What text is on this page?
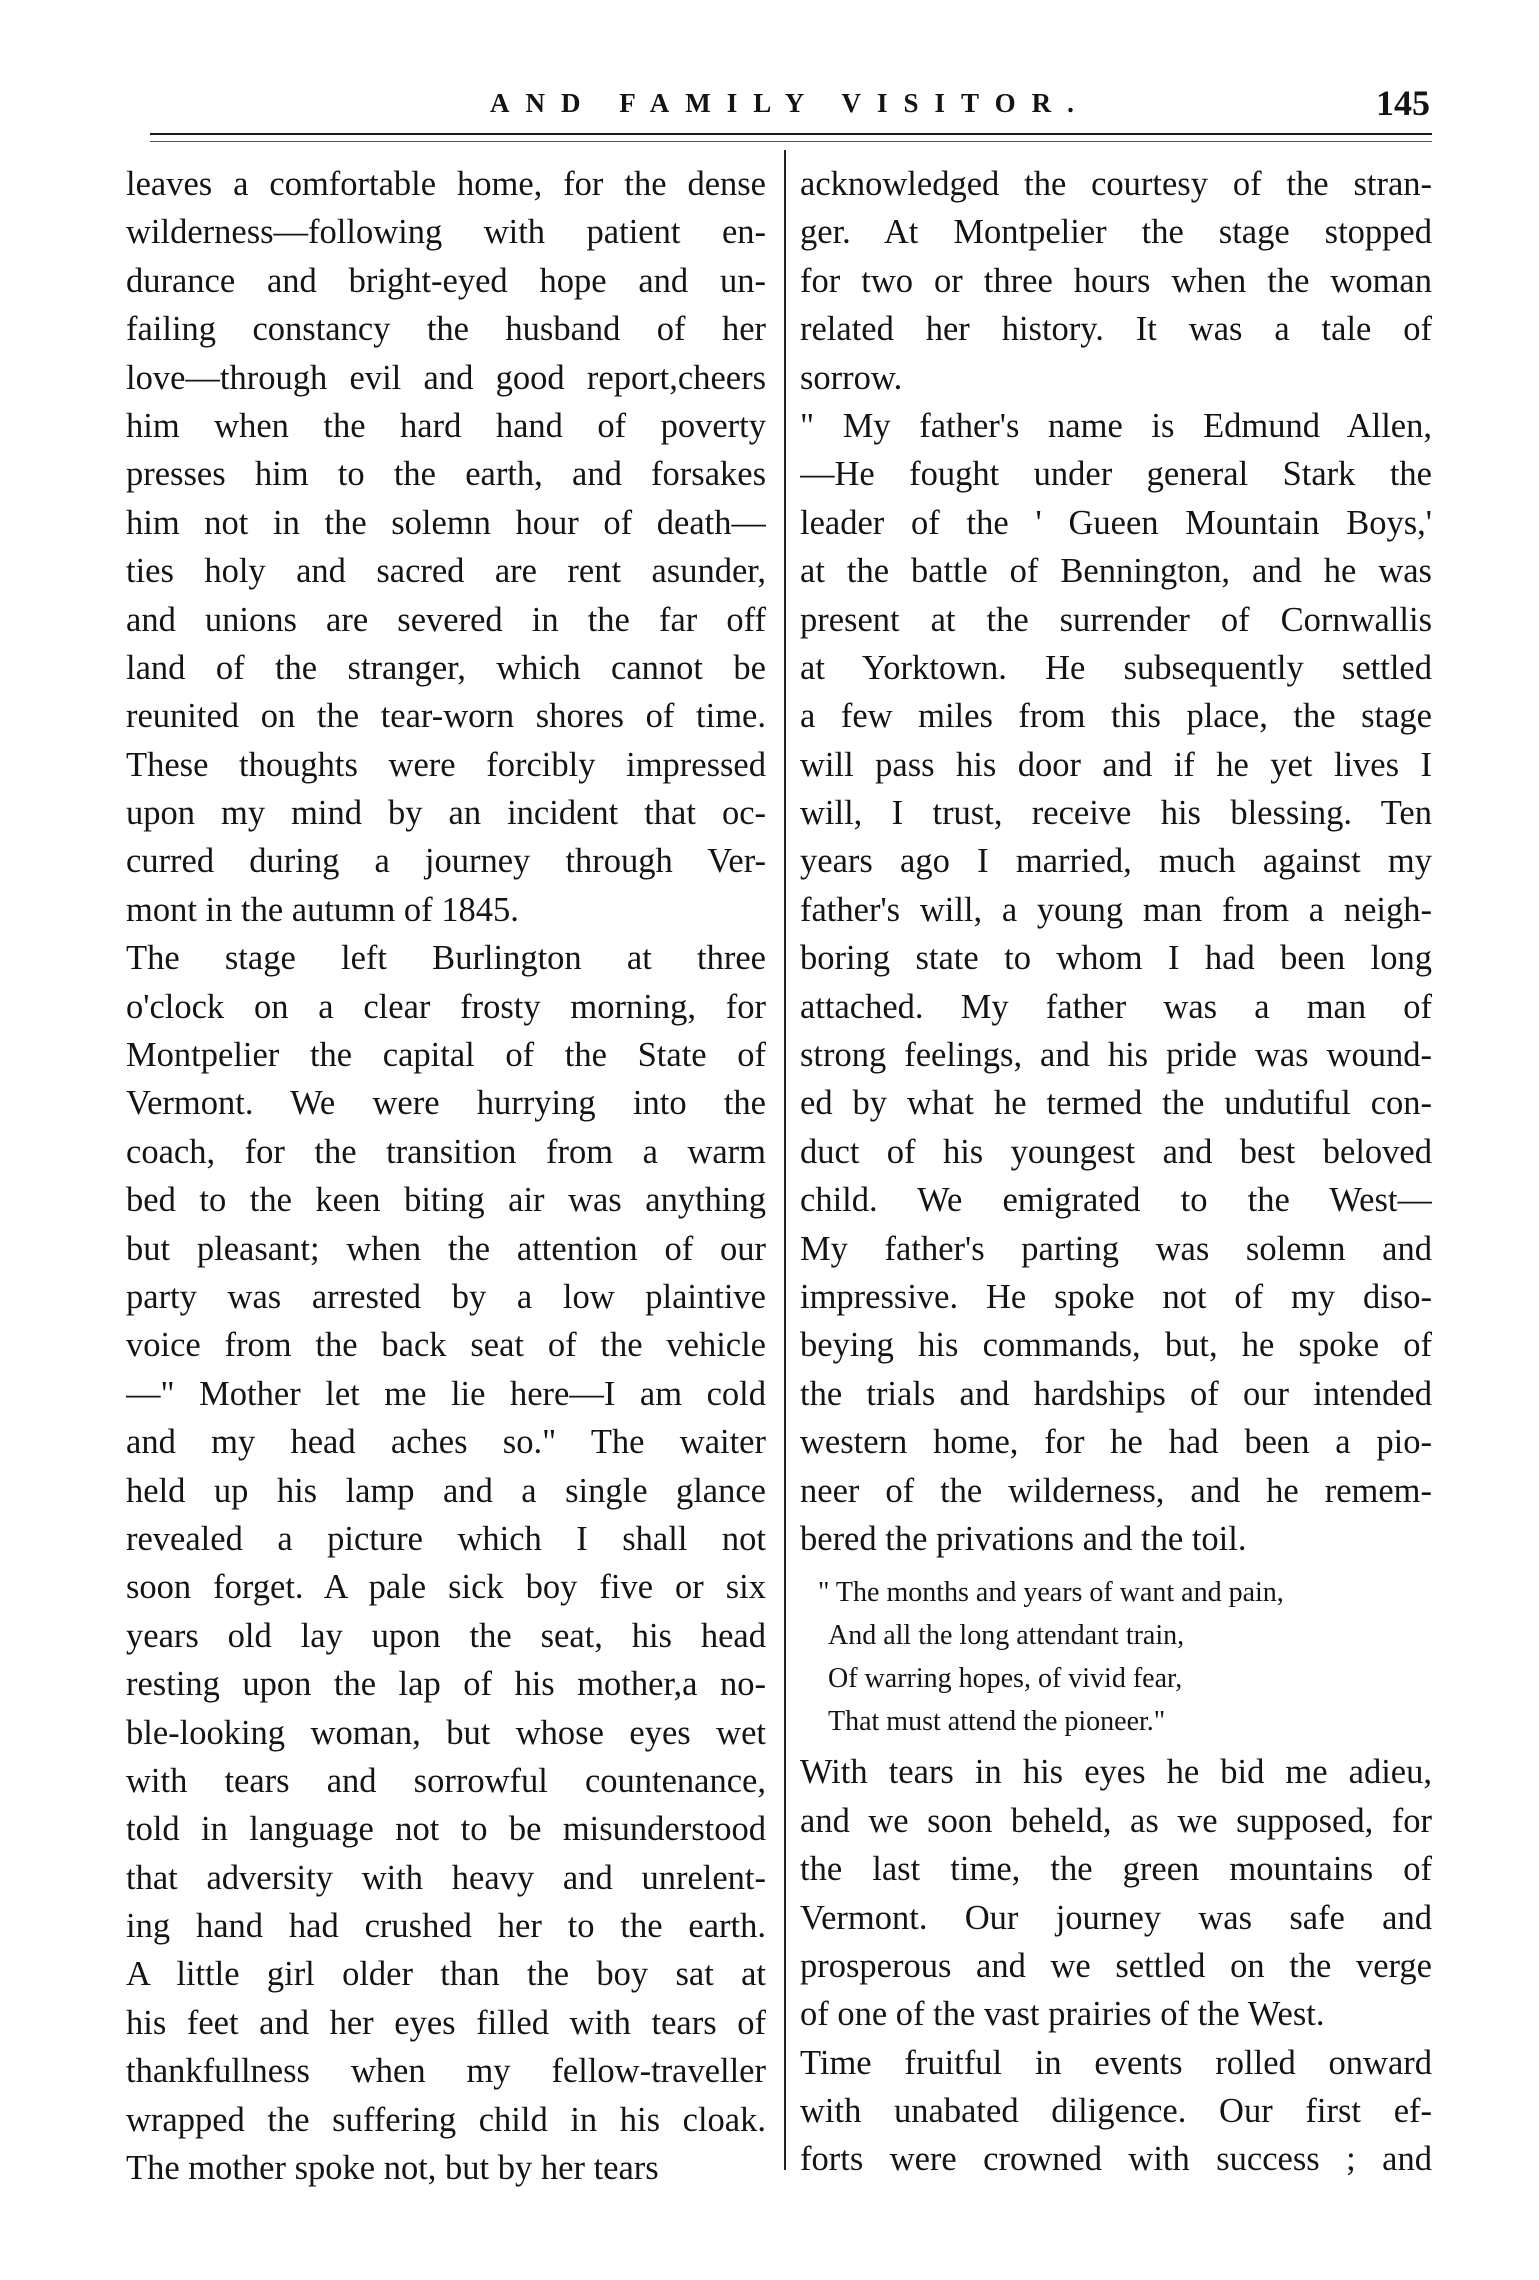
AND FAMILY VISITOR.	145
leaves a comfortable home, for the dense
wilderness—following with patient en-
durance and bright-eyed hope and un-
failing constancy the husband of her
love—through evil and good report,cheers
him when the hard hand of poverty
presses him to the earth, and forsakes
him not in the solemn hour of death—
ties holy and sacred are rent asunder,
and unions are severed in the far off
land of the stranger, which cannot be
reunited on the tear-worn shores of time.
These thoughts were forcibly impressed
upon my mind by an incident that oc-
curred during a journey through Ver-
mont in the autumn of 1845.
The stage left Burlington at three
o'clock on a clear frosty morning, for
Montpelier the capital of the State of
Vermont. We were hurrying into the
coach, for the transition from a warm
bed to the keen biting air was anything
but pleasant; when the attention of our
party was arrested by a low plaintive
voice from the back seat of the vehicle
—" Mother let me lie here—I am cold
and my head aches so." The waiter
held up his lamp and a single glance
revealed a picture which I shall not
soon forget. A pale sick boy five or six
years old lay upon the seat, his head
resting upon the lap of his mother,a no-
ble-looking woman, but whose eyes wet
with tears and sorrowful countenance,
told in language not to be misunderstood
that adversity with heavy and unrelent-
ing hand had crushed her to the earth.
A little girl older than the boy sat at
his feet and her eyes filled with tears of
thankfullness when my fellow-traveller
wrapped the suffering child in his cloak.
The mother spoke not, but by her tears
acknowledged the courtesy of the stran-
ger. At Montpelier the stage stopped
for two or three hours when the woman
related her history. It was a tale of
sorrow.
" My father's name is Edmund Allen,
—He fought under general Stark the
leader of the ' Gueen Mountain Boys,'
at the battle of Bennington, and he was
present at the surrender of Cornwallis
at Yorktown. He subsequently settled
a few miles from this place, the stage
will pass his door and if he yet lives I
will, I trust, receive his blessing. Ten
years ago I married, much against my
father's will, a young man from a neigh-
boring state to whom I had been long
attached. My father was a man of
strong feelings, and his pride was wound-
ed by what he termed the undutiful con-
duct of his youngest and best beloved
child. We emigrated to the West—
My father's parting was solemn and
impressive. He spoke not of my diso-
beying his commands, but, he spoke of
the trials and hardships of our intended
western home, for he had been a pio-
neer of the wilderness, and he remem-
bered the privations and the toil.
" The months and years of want and pain,
And all the long attendant train,
Of warring hopes, of vivid fear,
That must attend the pioneer."
With tears in his eyes he bid me adieu,
and we soon beheld, as we supposed, for
the last time, the green mountains of
Vermont. Our journey was safe and
prosperous and we settled on the verge
of one of the vast prairies of the West.
Time fruitful in events rolled onward
with unabated diligence. Our first ef-
forts were crowned with success ; and
